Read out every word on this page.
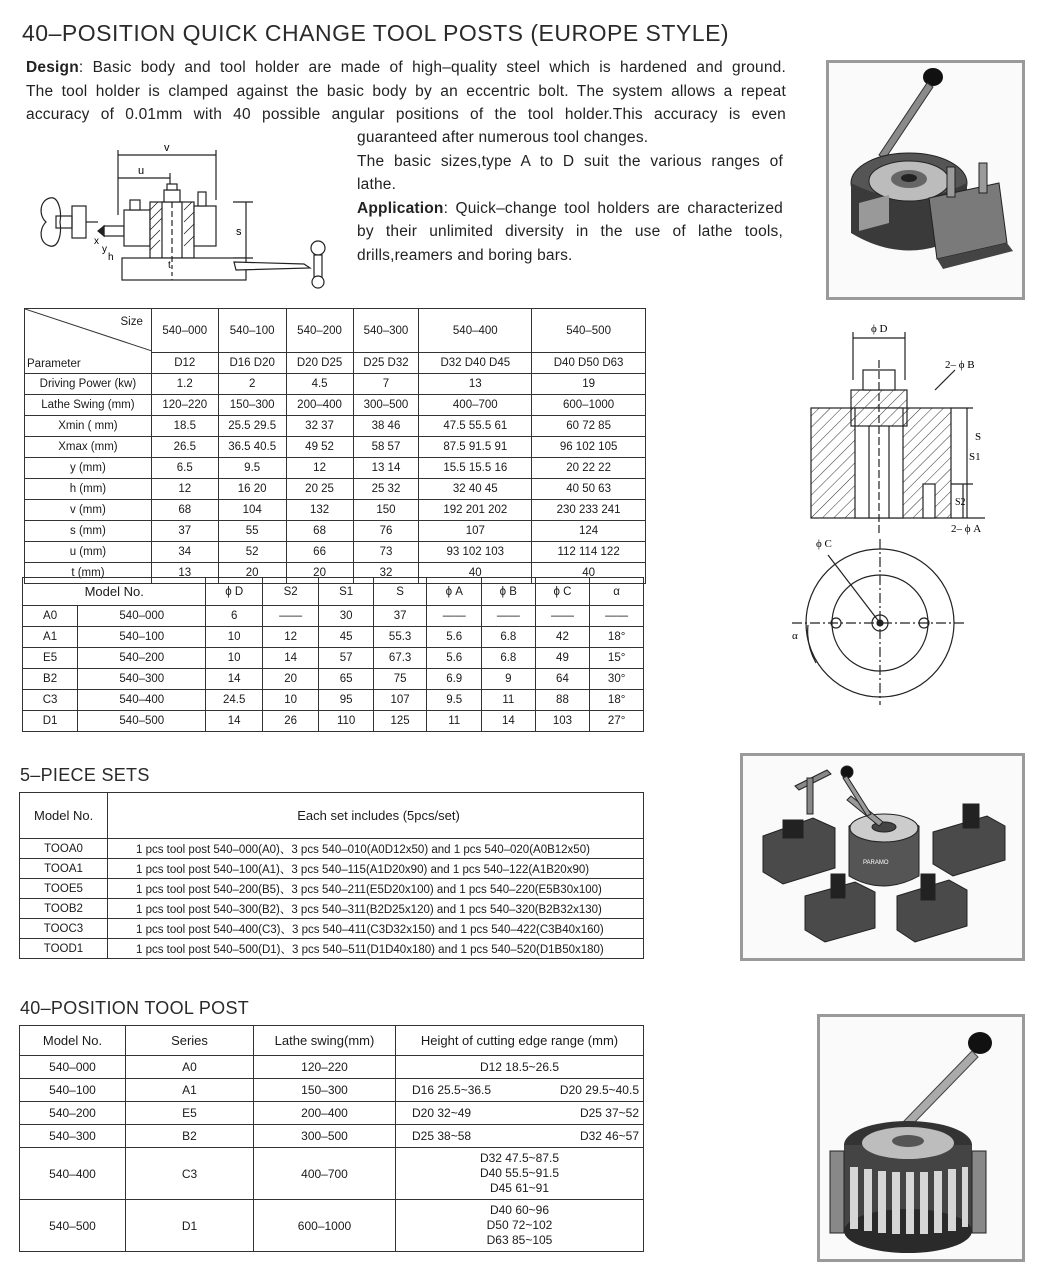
40–POSITION QUICK CHANGE TOOL POSTS (EUROPE STYLE)
Design: Basic body and tool holder are made of high–quality steel which is hardened and ground.
The tool holder is clamped against the basic body by an eccentric bolt. The system allows a repeat
accuracy of 0.01mm with 40 possible angular positions of the tool holder.This accuracy is even
guaranteed after numerous tool changes.
The basic sizes,type A to D suit the various ranges of
lathe.
Application: Quick–change tool holders are characterized
by their unlimited diversity in the use of lathe tools,
drills,reamers and boring bars.
v
u
s
x
y
h
t
Size
Parameter	540–000	540–100	540–200	540–300	540–400	540–500
	D12	D16 D20	D20 D25	D25 D32	D32 D40 D45	D40 D50 D63
Driving Power (kw)	1.2	2	4.5	7	13	19
Lathe Swing (mm)	120–220	150–300	200–400	300–500	400–700	600–1000
Xmin ( mm)	18.5	25.5 29.5	32 37	38 46	47.5 55.5 61	60 72 85
Xmax (mm)	26.5	36.5 40.5	49 52	58 57	87.5 91.5 91	96 102 105
y (mm)	6.5	9.5	12	13 14	15.5 15.5 16	20 22 22
h (mm)	12	16 20	20 25	25 32	32 40 45	40 50 63
v (mm)	68	104	132	150	192 201 202	230 233 241
s (mm)	37	55	68	76	107	124
u (mm)	34	52	66	73	93 102 103	112 114 122
t (mm)	13	20	20	32	40	40
ϕ D
2– ϕ B
2– ϕ A
S1
S2
S
ϕ C
α
Model No.		ϕ D	S2	S1	S	ϕ A	ϕ B	ϕ C	α
A0	540–000	6	——	30	37	——	——	——	——
A1	540–100	10	12	45	55.3	5.6	6.8	42	18°
E5	540–200	10	14	57	67.3	5.6	6.8	49	15°
B2	540–300	14	20	65	75	6.9	9	64	30°
C3	540–400	24.5	10	95	107	9.5	11	88	18°
D1	540–500	14	26	110	125	11	14	103	27°
5–PIECE SETS
Model No.	Each set includes (5pcs/set)
TOOA0	1 pcs tool post 540–000(A0)、3 pcs 540–010(A0D12x50) and 1 pcs 540–020(A0B12x50)
TOOA1	1 pcs tool post 540–100(A1)、3 pcs 540–115(A1D20x90) and 1 pcs 540–122(A1B20x90)
TOOE5	1 pcs tool post 540–200(B5)、3 pcs 540–211(E5D20x100) and 1 pcs 540–220(E5B30x100)
TOOB2	1 pcs tool post 540–300(B2)、3 pcs 540–311(B2D25x120) and 1 pcs 540–320(B2B32x130)
TOOC3	1 pcs tool post 540–400(C3)、3 pcs 540–411(C3D32x150) and 1 pcs 540–422(C3B40x160)
TOOD1	1 pcs tool post 540–500(D1)、3 pcs 540–511(D1D40x180) and 1 pcs 540–520(D1B50x180)
PARAMO
40–POSITION TOOL POST
Model No.	Series	Lathe swing(mm)	Height of cutting edge range (mm)
540–000	A0	120–220	D12 18.5~26.5

540–100	A1	150–300	D16 25.5~36.5 D20 29.5~40.5

540–200	E5	200–400	D20 32~49 D25 37~52

540–300	B2	300–500	D25 38~58 D32 46~57

540–400	C3	400–700	D32 47.5~87.5
D40 55.5~91.5
D45 61~91

540–500	D1	600–1000	D40 60~96
D50 72~102
D63 85~105
